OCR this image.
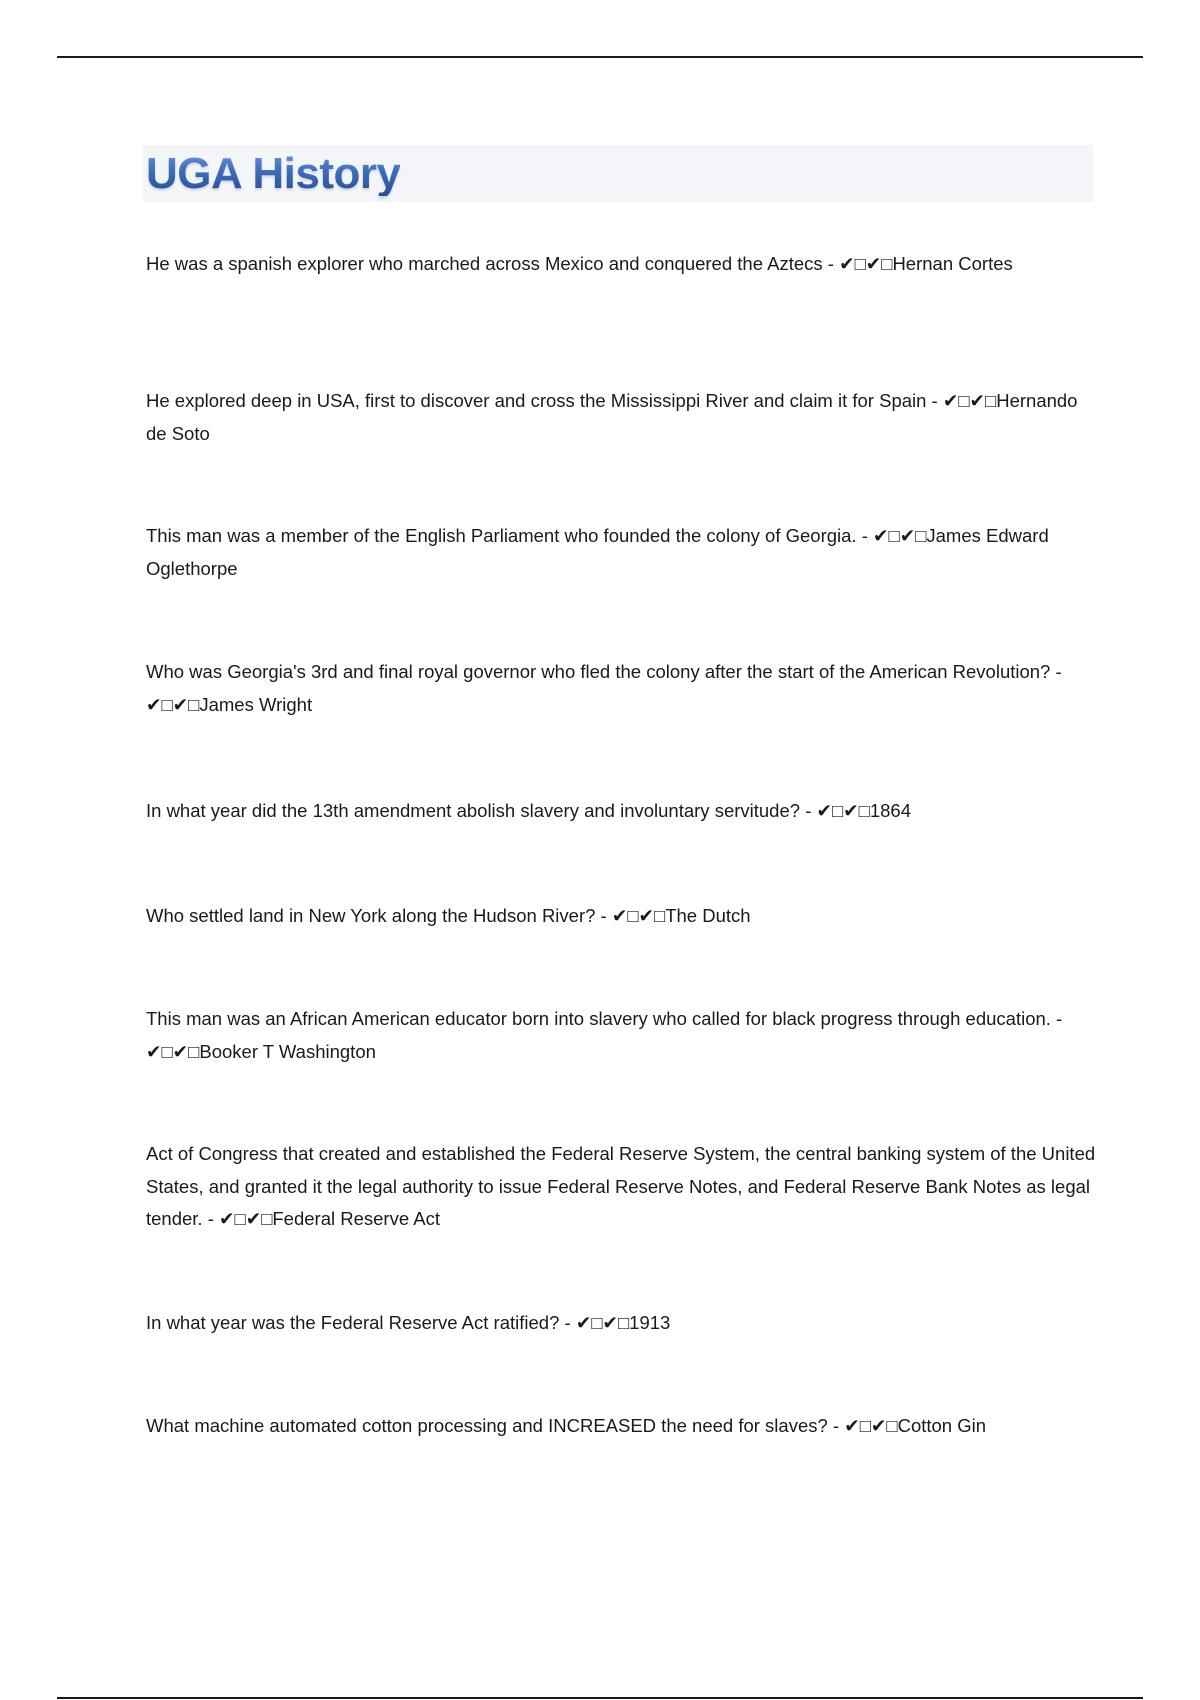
UGA History

He was a spanish explorer who marched across Mexico and conquered the Aztecs - ✔□✔□Hernan Cortes

He explored deep in USA, first to discover and cross the Mississippi River and claim it for Spain - ✔□✔□Hernando de Soto

This man was a member of the English Parliament who founded the colony of Georgia. - ✔□✔□James Edward Oglethorpe

Who was Georgia's 3rd and final royal governor who fled the colony after the start of the American Revolution? - ✔□✔□James Wright

In what year did the 13th amendment abolish slavery and involuntary servitude? - ✔□✔□1864

Who settled land in New York along the Hudson River? - ✔□✔□The Dutch

This man was an African American educator born into slavery who called for black progress through education. - ✔□✔□Booker T Washington

Act of Congress that created and established the Federal Reserve System, the central banking system of the United States, and granted it the legal authority to issue Federal Reserve Notes, and Federal Reserve Bank Notes as legal tender. - ✔□✔□Federal Reserve Act

In what year was the Federal Reserve Act ratified? - ✔□✔□1913

What machine automated cotton processing and INCREASED the need for slaves? - ✔□✔□Cotton Gin
